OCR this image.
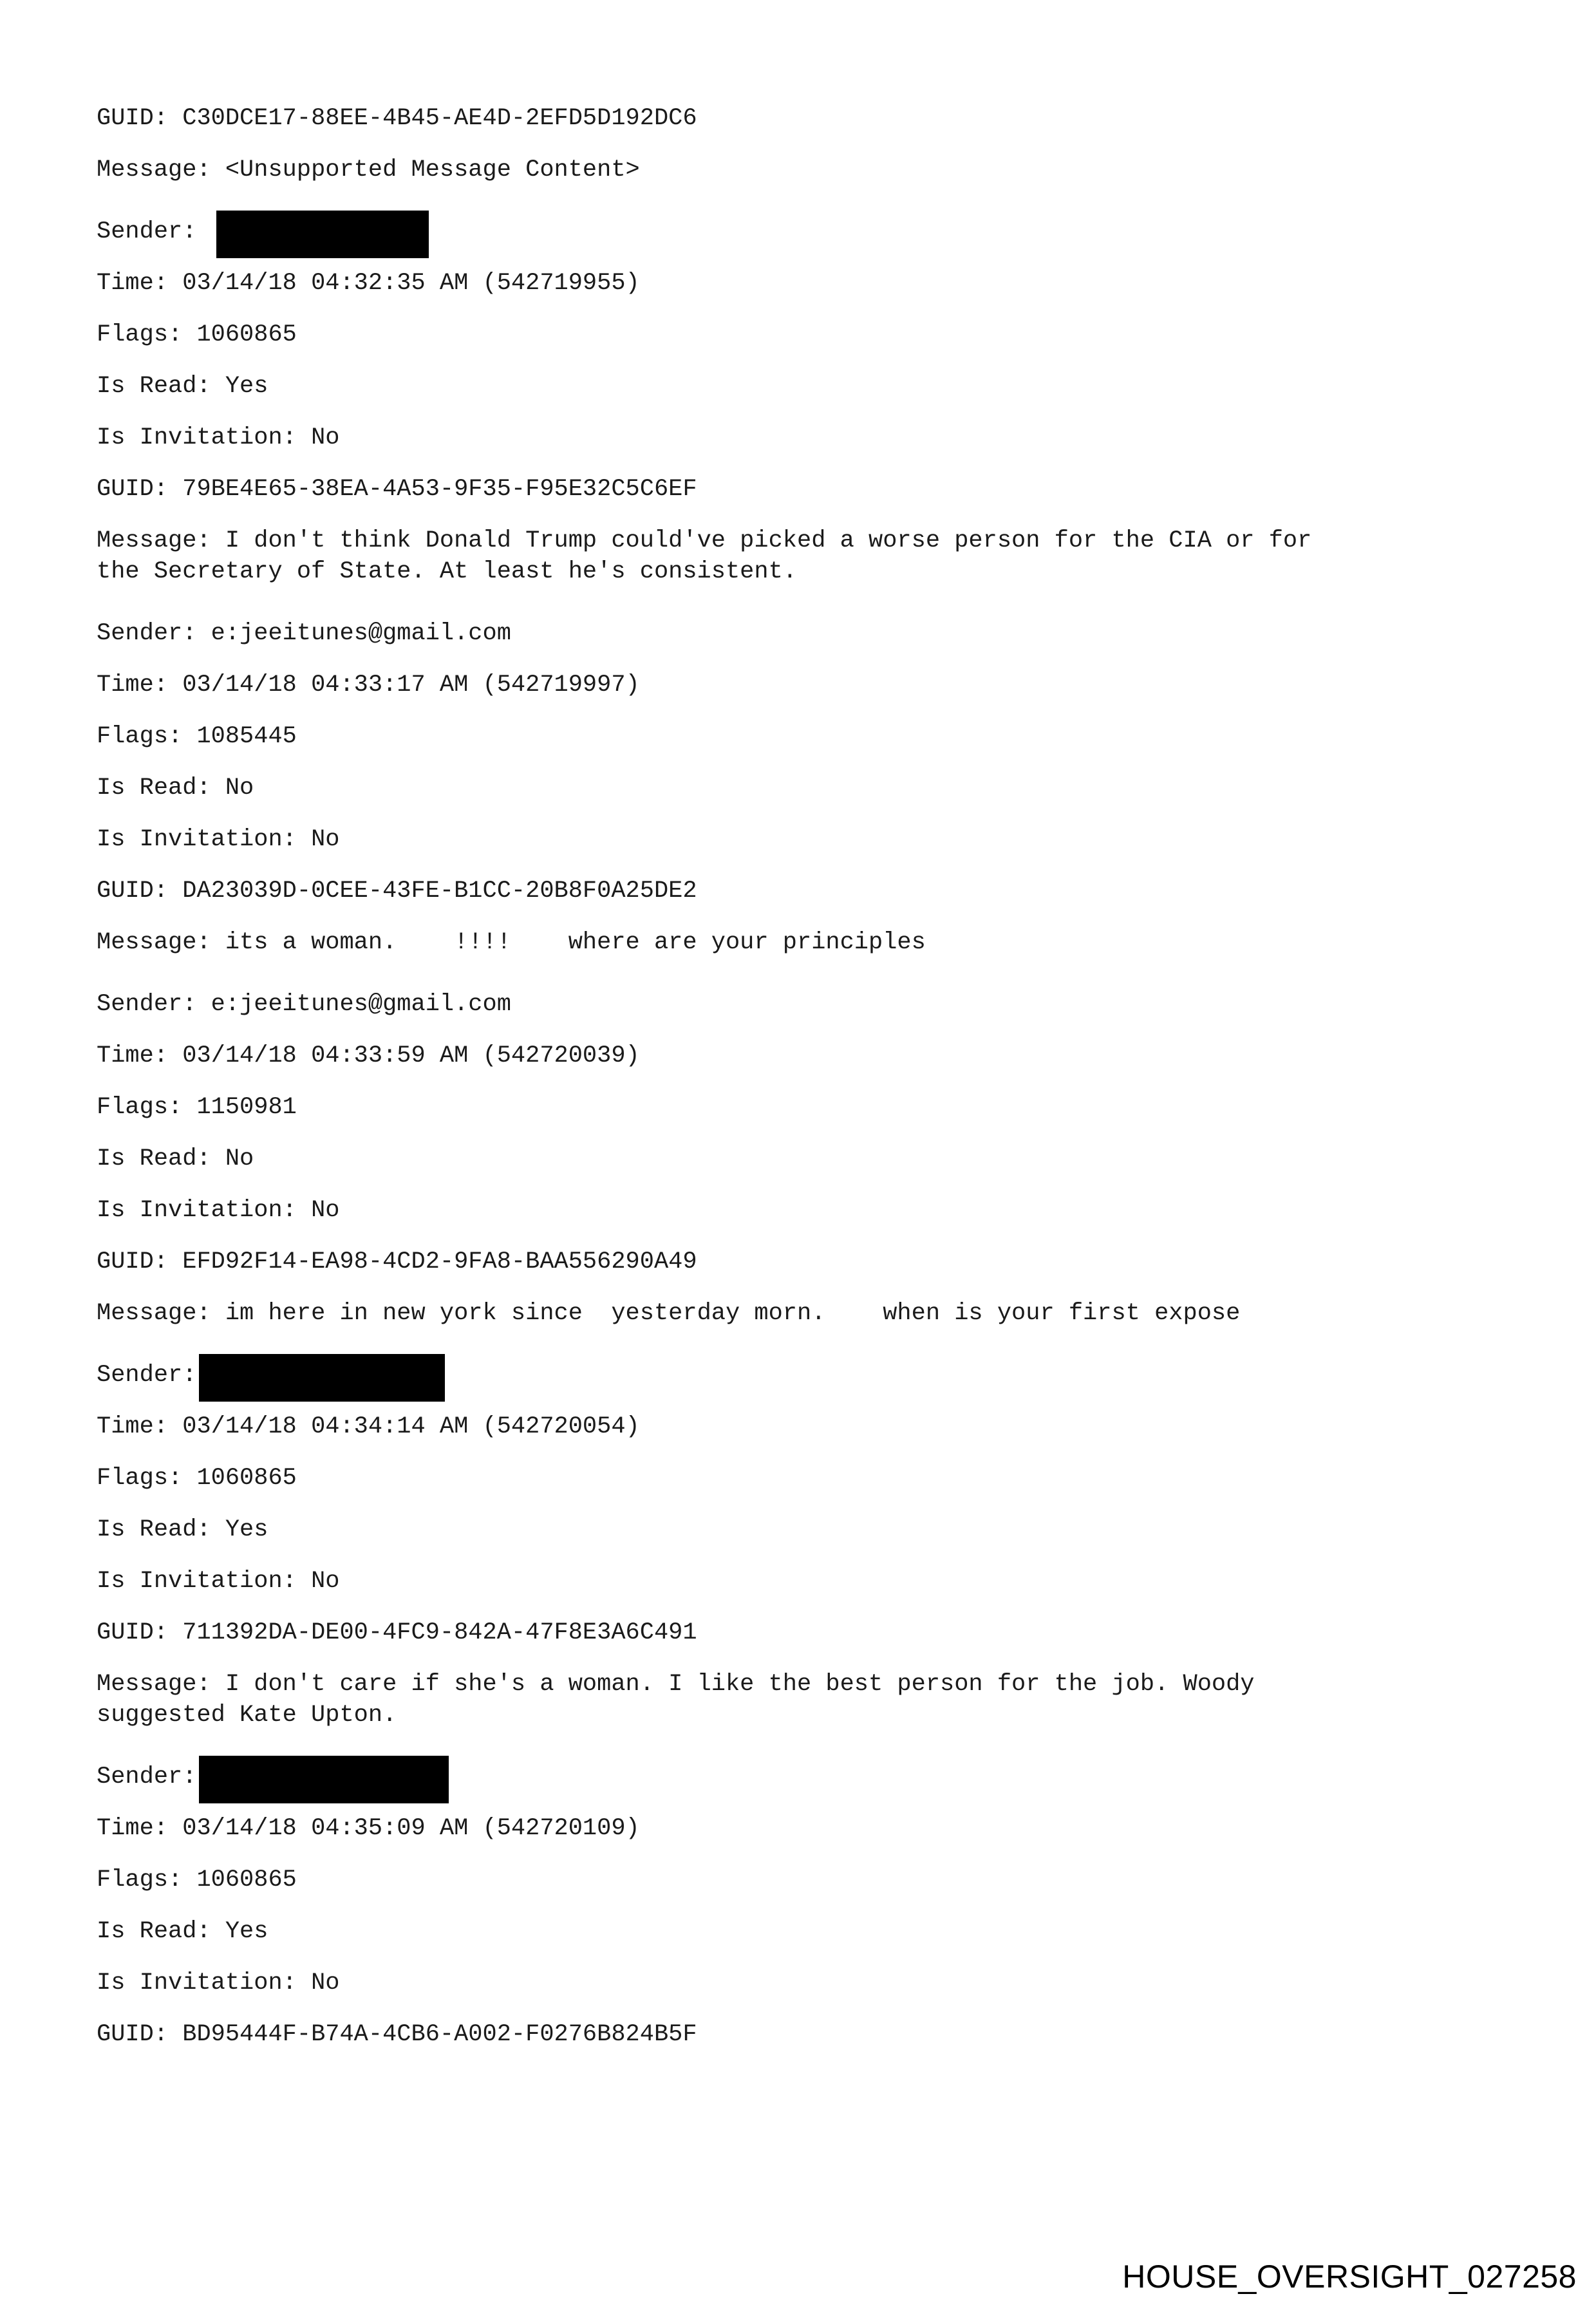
GUID: C30DCE17-88EE-4B45-AE4D-2EFD5D192DC6
Message: <Unsupported Message Content>
Sender:
Time: 03/14/18 04:32:35 AM (542719955)
Flags: 1060865
Is Read: Yes
Is Invitation: No
GUID: 79BE4E65-38EA-4A53-9F35-F95E32C5C6EF
Message: I don't think Donald Trump could've picked a worse person for the CIA or for
the Secretary of State. At least he's consistent.
Sender: e:jeeitunes@gmail.com
Time: 03/14/18 04:33:17 AM (542719997)
Flags: 1085445
Is Read: No
Is Invitation: No
GUID: DA23039D-0CEE-43FE-B1CC-20B8F0A25DE2
Message: its a woman.    !!!!    where are your principles
Sender: e:jeeitunes@gmail.com
Time: 03/14/18 04:33:59 AM (542720039)
Flags: 1150981
Is Read: No
Is Invitation: No
GUID: EFD92F14-EA98-4CD2-9FA8-BAA556290A49
Message: im here in new york since  yesterday morn.    when is your first expose
Sender:
Time: 03/14/18 04:34:14 AM (542720054)
Flags: 1060865
Is Read: Yes
Is Invitation: No
GUID: 711392DA-DE00-4FC9-842A-47F8E3A6C491
Message: I don't care if she's a woman. I like the best person for the job. Woody
suggested Kate Upton.
Sender:
Time: 03/14/18 04:35:09 AM (542720109)
Flags: 1060865
Is Read: Yes
Is Invitation: No
GUID: BD95444F-B74A-4CB6-A002-F0276B824B5F
HOUSE_OVERSIGHT_027258
